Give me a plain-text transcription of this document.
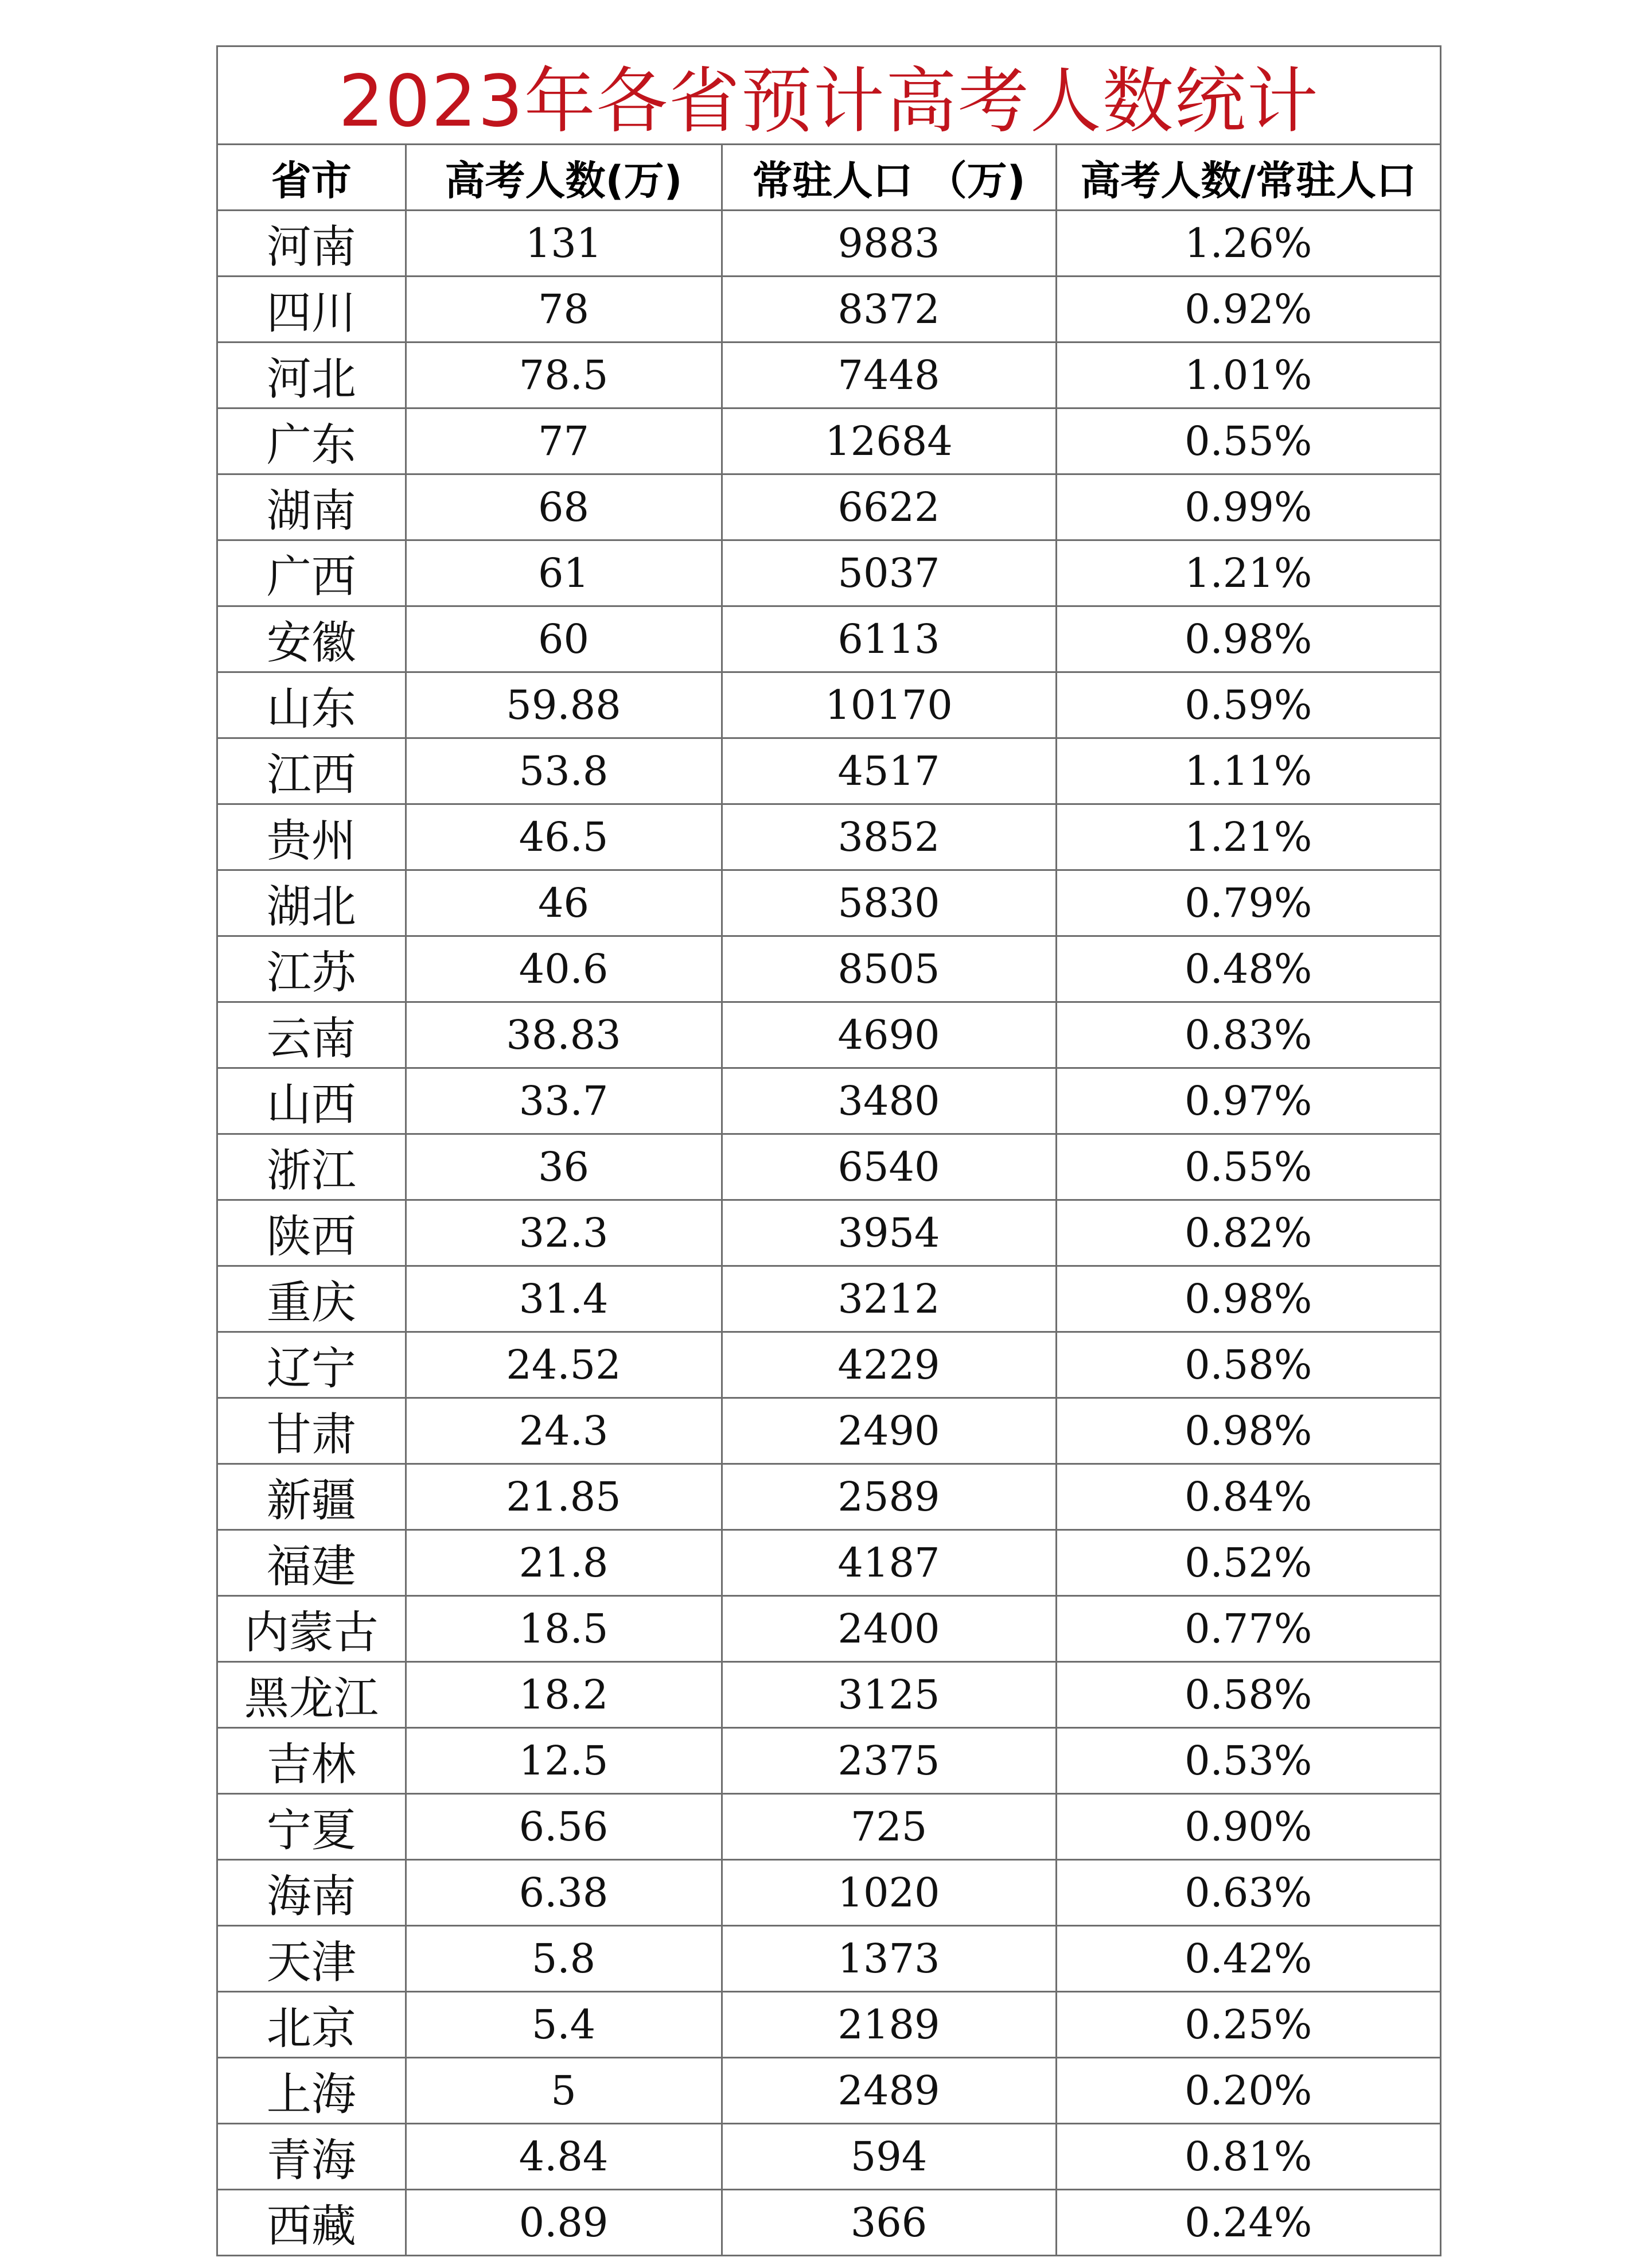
2023年各省预计高考人数统计
省市	高考人数(万)	常驻人口 （万)	高考人数/常驻人口
河南	131	9883	1.26%
四川	78	8372	0.92%
河北	78.5	7448	1.01%
广东	77	12684	0.55%
湖南	68	6622	0.99%
广西	61	5037	1.21%
安徽	60	6113	0.98%
山东	59.88	10170	0.59%
江西	53.8	4517	1.11%
贵州	46.5	3852	1.21%
湖北	46	5830	0.79%
江苏	40.6	8505	0.48%
云南	38.83	4690	0.83%
山西	33.7	3480	0.97%
浙江	36	6540	0.55%
陕西	32.3	3954	0.82%
重庆	31.4	3212	0.98%
辽宁	24.52	4229	0.58%
甘肃	24.3	2490	0.98%
新疆	21.85	2589	0.84%
福建	21.8	4187	0.52%
内蒙古	18.5	2400	0.77%
黑龙江	18.2	3125	0.58%
吉林	12.5	2375	0.53%
宁夏	6.56	725	0.90%
海南	6.38	1020	0.63%
天津	5.8	1373	0.42%
北京	5.4	2189	0.25%
上海	5	2489	0.20%
青海	4.84	594	0.81%
西藏	0.89	366	0.24%
